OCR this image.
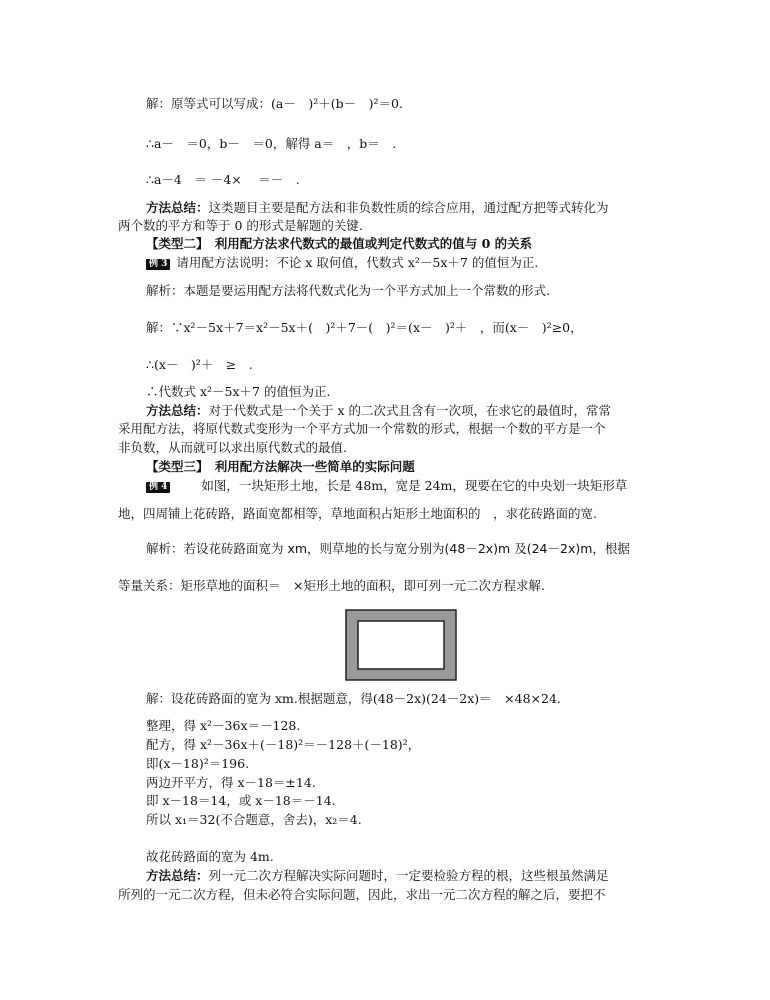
解：原等式可以写成：(a－　)²＋(b－　)²＝0.
∴a－　＝0，b－　＝0，解得 a＝　，b＝　.
∴a－4　＝ －4×　 ＝－　.
方法总结：这类题目主要是配方法和非负数性质的综合应用，通过配方把等式转化为
两个数的平方和等于 0 的形式是解题的关键.
【类型二】　利用配方法求代数式的最值或判定代数式的值与 0 的关系
例 3 请用配方法说明：不论 x 取何值，代数式 x²－5x＋7 的值恒为正.
解析：本题是要运用配方法将代数式化为一个平方式加上一个常数的形式.
解：∵x²－5x＋7＝x²－5x＋(　)²＋7－(　)²＝(x－　)²＋　，而(x－　)²≥0，
∴(x－　)²＋　≥　.
∴代数式 x²－5x＋7 的值恒为正.
方法总结：对于代数式是一个关于 x 的二次式且含有一次项，在求它的最值时，常常
采用配方法，将原代数式变形为一个平方式加一个常数的形式，根据一个数的平方是一个
非负数，从而就可以求出原代数式的最值.
【类型三】　利用配方法解决一些简单的实际问题
例 4　　如图，一块矩形土地，长是 48m，宽是 24m，现要在它的中央划一块矩形草
地，四周铺上花砖路，路面宽都相等，草地面积占矩形土地面积的　，求花砖路面的宽.
解析：若设花砖路面宽为 xm，则草地的长与宽分别为(48－2x)m 及(24－2x)m，根据
等量关系：矩形草地的面积＝　×矩形土地的面积，即可列一元二次方程求解.
解：设花砖路面的宽为 xm.根据题意，得(48－2x)(24－2x)＝　×48×24.
整理，得 x²－36x＝－128.
配方，得 x²－36x＋(－18)²＝－128＋(－18)²，
即(x－18)²＝196.
两边开平方，得 x－18＝±14.
即 x－18＝14，或 x－18＝－14.
所以 x₁＝32(不合题意，舍去)，x₂＝4.
故花砖路面的宽为 4m.
方法总结：列一元二次方程解决实际问题时，一定要检验方程的根，这些根虽然满足
所列的一元二次方程，但未必符合实际问题，因此，求出一元二次方程的解之后，要把不
